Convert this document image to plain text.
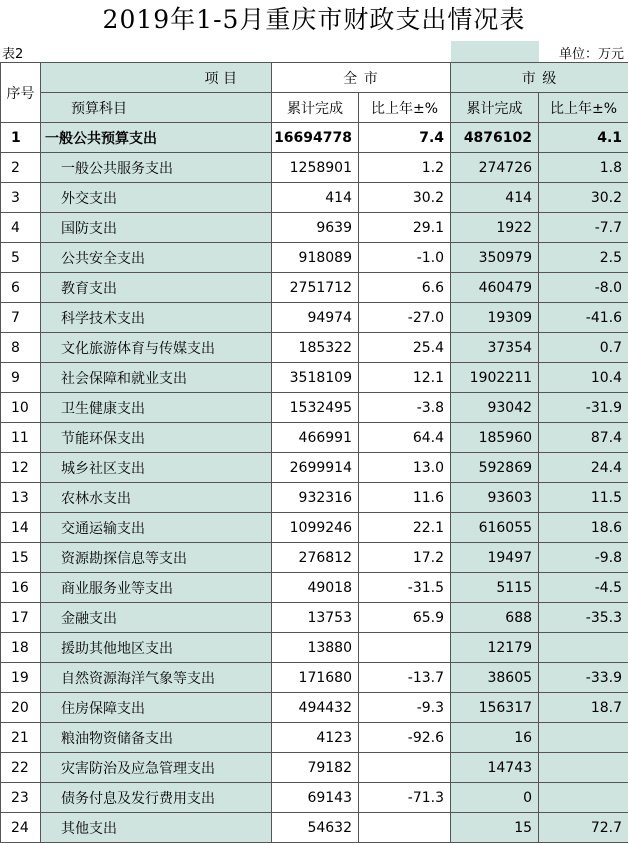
2019年1-5月重庆市财政支出情况表
表2	单位：万元
序号	项 目	全 市		市 级	
	预算科目	累计完成	比上年±%	累计完成	比上年±%
1	一般公共预算支出	16694778	7.4	4876102	4.1
2	一般公共服务支出	1258901	1.2	274726	1.8
3	外交支出	414	30.2	414	30.2
4	国防支出	9639	29.1	1922	-7.7
5	公共安全支出	918089	-1.0	350979	2.5
6	教育支出	2751712	6.6	460479	-8.0
7	科学技术支出	94974	-27.0	19309	-41.6
8	文化旅游体育与传媒支出	185322	25.4	37354	0.7
9	社会保障和就业支出	3518109	12.1	1902211	10.4
10	卫生健康支出	1532495	-3.8	93042	-31.9
11	节能环保支出	466991	64.4	185960	87.4
12	城乡社区支出	2699914	13.0	592869	24.4
13	农林水支出	932316	11.6	93603	11.5
14	交通运输支出	1099246	22.1	616055	18.6
15	资源勘探信息等支出	276812	17.2	19497	-9.8
16	商业服务业等支出	49018	-31.5	5115	-4.5
17	金融支出	13753	65.9	688	-35.3
18	援助其他地区支出	13880		12179	
19	自然资源海洋气象等支出	171680	-13.7	38605	-33.9
20	住房保障支出	494432	-9.3	156317	18.7
21	粮油物资储备支出	4123	-92.6	16	
22	灾害防治及应急管理支出	79182		14743	
23	债务付息及发行费用支出	69143	-71.3	0	
24	其他支出	54632		15	72.7
